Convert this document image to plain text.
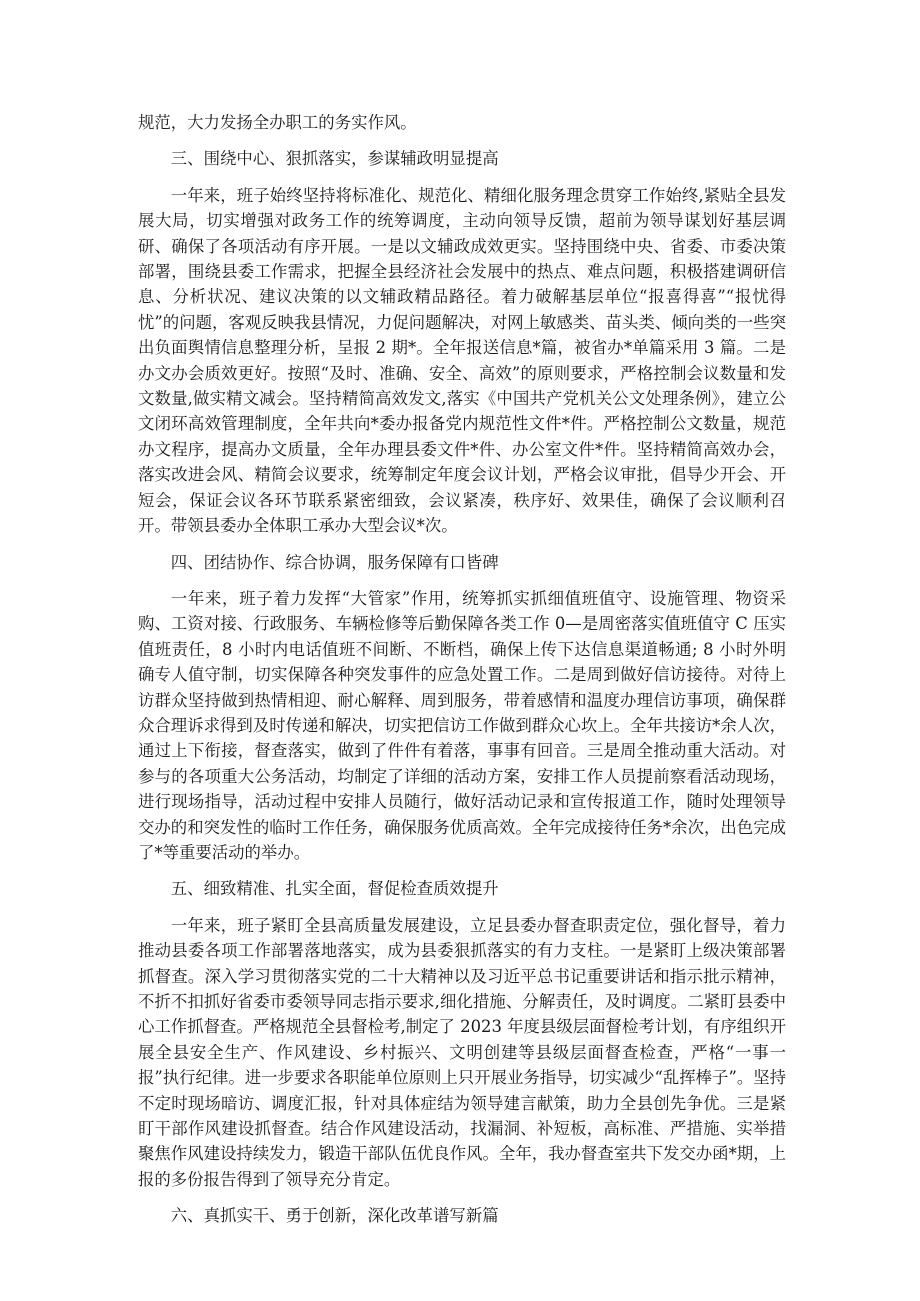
规范，大力发扬全办职工的务实作风。

三、围绕中心、狠抓落实，参谋辅政明显提高

一年来，班子始终坚持将标准化、规范化、精细化服务理念贯穿工作始终,紧贴全县发展大局，切实增强对政务工作的统筹调度，主动向领导反馈，超前为领导谋划好基层调研、确保了各项活动有序开展。一是以文辅政成效更实。坚持围绕中央、省委、市委决策部署，围绕县委工作需求，把握全县经济社会发展中的热点、难点问题，积极搭建调研信息、分析状况、建议决策的以文辅政精品路径。着力破解基层单位“报喜得喜”“报忧得忧”的问题，客观反映我县情况，力促问题解决，对网上敏感类、苗头类、倾向类的一些突出负面舆情信息整理分析，呈报 2 期*。全年报送信息*篇，被省办*单篇采用 3 篇。二是办文办会质效更好。按照“及时、准确、安全、高效”的原则要求，严格控制会议数量和发文数量,做实精文减会。坚持精简高效发文,落实《中国共产党机关公文处理条例》，建立公文闭环高效管理制度，全年共向*委办报备党内规范性文件*件。严格控制公文数量，规范办文程序，提高办文质量，全年办理县委文件*件、办公室文件*件。坚持精简高效办会，落实改进会风、精简会议要求，统筹制定年度会议计划，严格会议审批，倡导少开会、开短会，保证会议各环节联系紧密细致，会议紧凑，秩序好、效果佳，确保了会议顺利召开。带领县委办全体职工承办大型会议*次。

四、团结协作、综合协调，服务保障有口皆碑

一年来，班子着力发挥“大管家”作用，统筹抓实抓细值班值守、设施管理、物资采购、工资对接、行政服务、车辆检修等后勤保障各类工作 0—是周密落实值班值守 C 压实值班责任，8 小时内电话值班不间断、不断档，确保上传下达信息渠道畅通; 8 小时外明确专人值守制，切实保障各种突发事件的应急处置工作。二是周到做好信访接待。对待上访群众坚持做到热情相迎、耐心解释、周到服务，带着感情和温度办理信访事项，确保群众合理诉求得到及时传递和解决，切实把信访工作做到群众心坎上。全年共接访*余人次，通过上下衔接，督查落实，做到了件件有着落，事事有回音。三是周全推动重大活动。对参与的各项重大公务活动，均制定了详细的活动方案，安排工作人员提前察看活动现场，进行现场指导，活动过程中安排人员随行，做好活动记录和宣传报道工作，随时处理领导交办的和突发性的临时工作任务，确保服务优质高效。全年完成接待任务*余次，出色完成了*等重要活动的举办。

五、细致精准、扎实全面，督促检查质效提升

一年来，班子紧盯全县高质量发展建设，立足县委办督查职责定位，强化督导，着力推动县委各项工作部署落地落实，成为县委狠抓落实的有力支柱。一是紧盯上级决策部署抓督查。深入学习贯彻落实党的二十大精神以及习近平总书记重要讲话和指示批示精神，不折不扣抓好省委市委领导同志指示要求,细化措施、分解责任，及时调度。二紧盯县委中心工作抓督查。严格规范全县督检考,制定了 2023 年度县级层面督检考计划，有序组织开展全县安全生产、作风建设、乡村振兴、文明创建等县级层面督查检查，严格“一事一报”执行纪律。进一步要求各职能单位原则上只开展业务指导，切实减少“乱挥棒子”。坚持不定时现场暗访、调度汇报，针对具体症结为领导建言献策，助力全县创先争优。三是紧盯干部作风建设抓督查。结合作风建设活动，找漏洞、补短板，高标准、严措施、实举措聚焦作风建设持续发力，锻造干部队伍优良作风。全年，我办督查室共下发交办函*期，上报的多份报告得到了领导充分肯定。

六、真抓实干、勇于创新，深化改革谱写新篇
